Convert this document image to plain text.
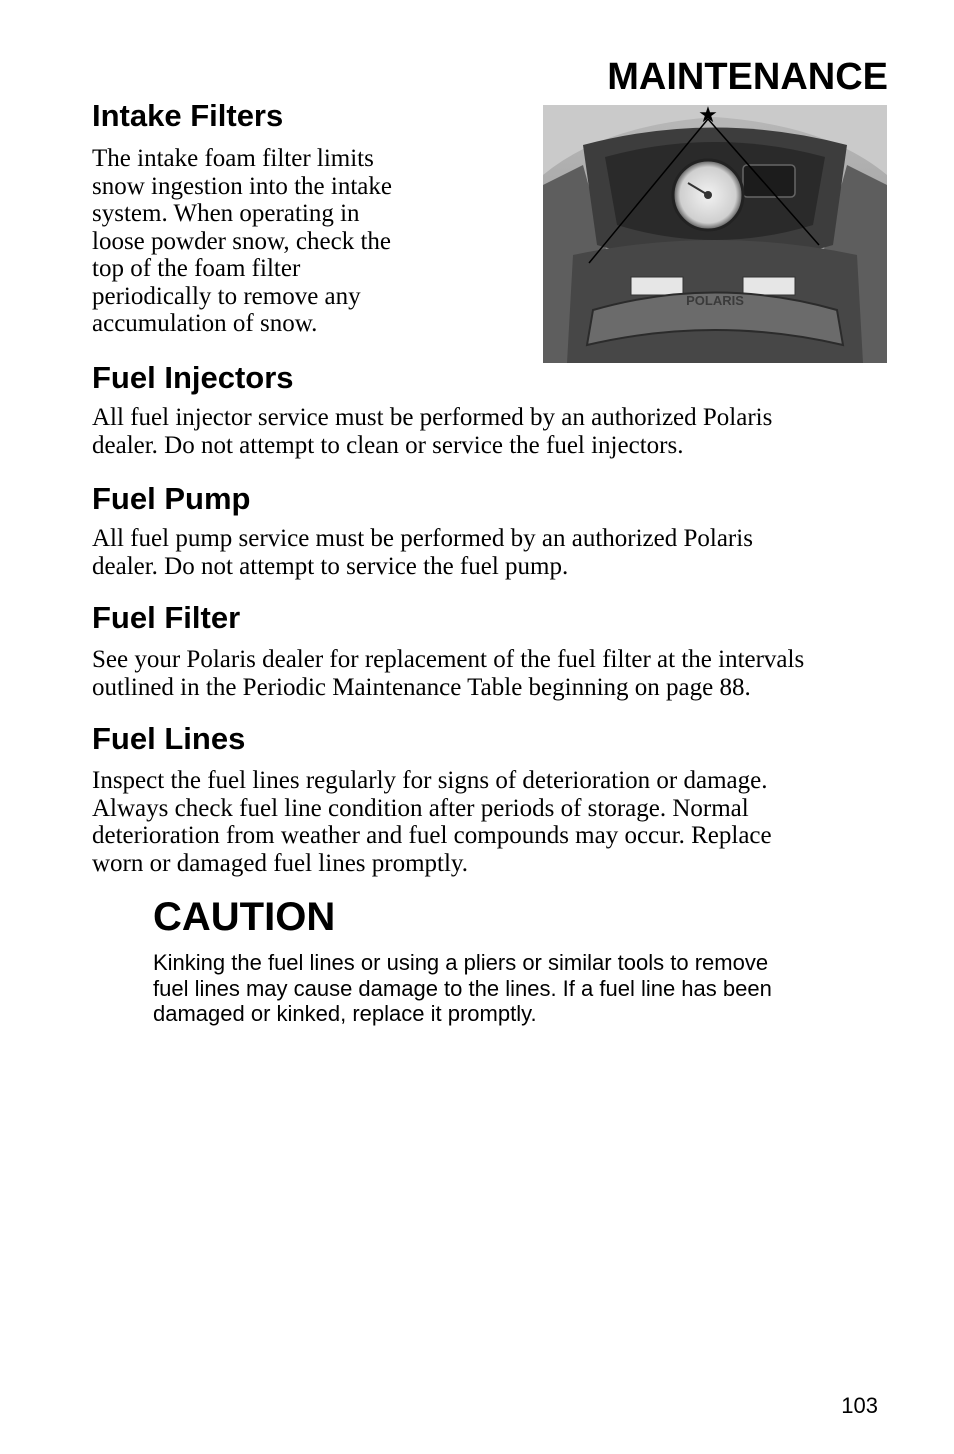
MAINTENANCE
Intake Filters

The intake foam filter limits
snow ingestion into the intake
system. When operating in
loose powder snow, check the
top of the foam filter
periodically to remove any
accumulation of snow.

POLARIS
★
Fuel Injectors

All fuel injector service must be performed by an authorized Polaris
dealer. Do not attempt to clean or service the fuel injectors.

Fuel Pump

All fuel pump service must be performed by an authorized Polaris
dealer. Do not attempt to service the fuel pump.

Fuel Filter

See your Polaris dealer for replacement of the fuel filter at the intervals
outlined in the Periodic Maintenance Table beginning on page 88.

Fuel Lines

Inspect the fuel lines regularly for signs of deterioration or damage.
Always check fuel line condition after periods of storage. Normal
deterioration from weather and fuel compounds may occur. Replace
worn or damaged fuel lines promptly.

CAUTION

Kinking the fuel lines or using a pliers or similar tools to remove
fuel lines may cause damage to the lines. If a fuel line has been
damaged or kinked, replace it promptly.

103
